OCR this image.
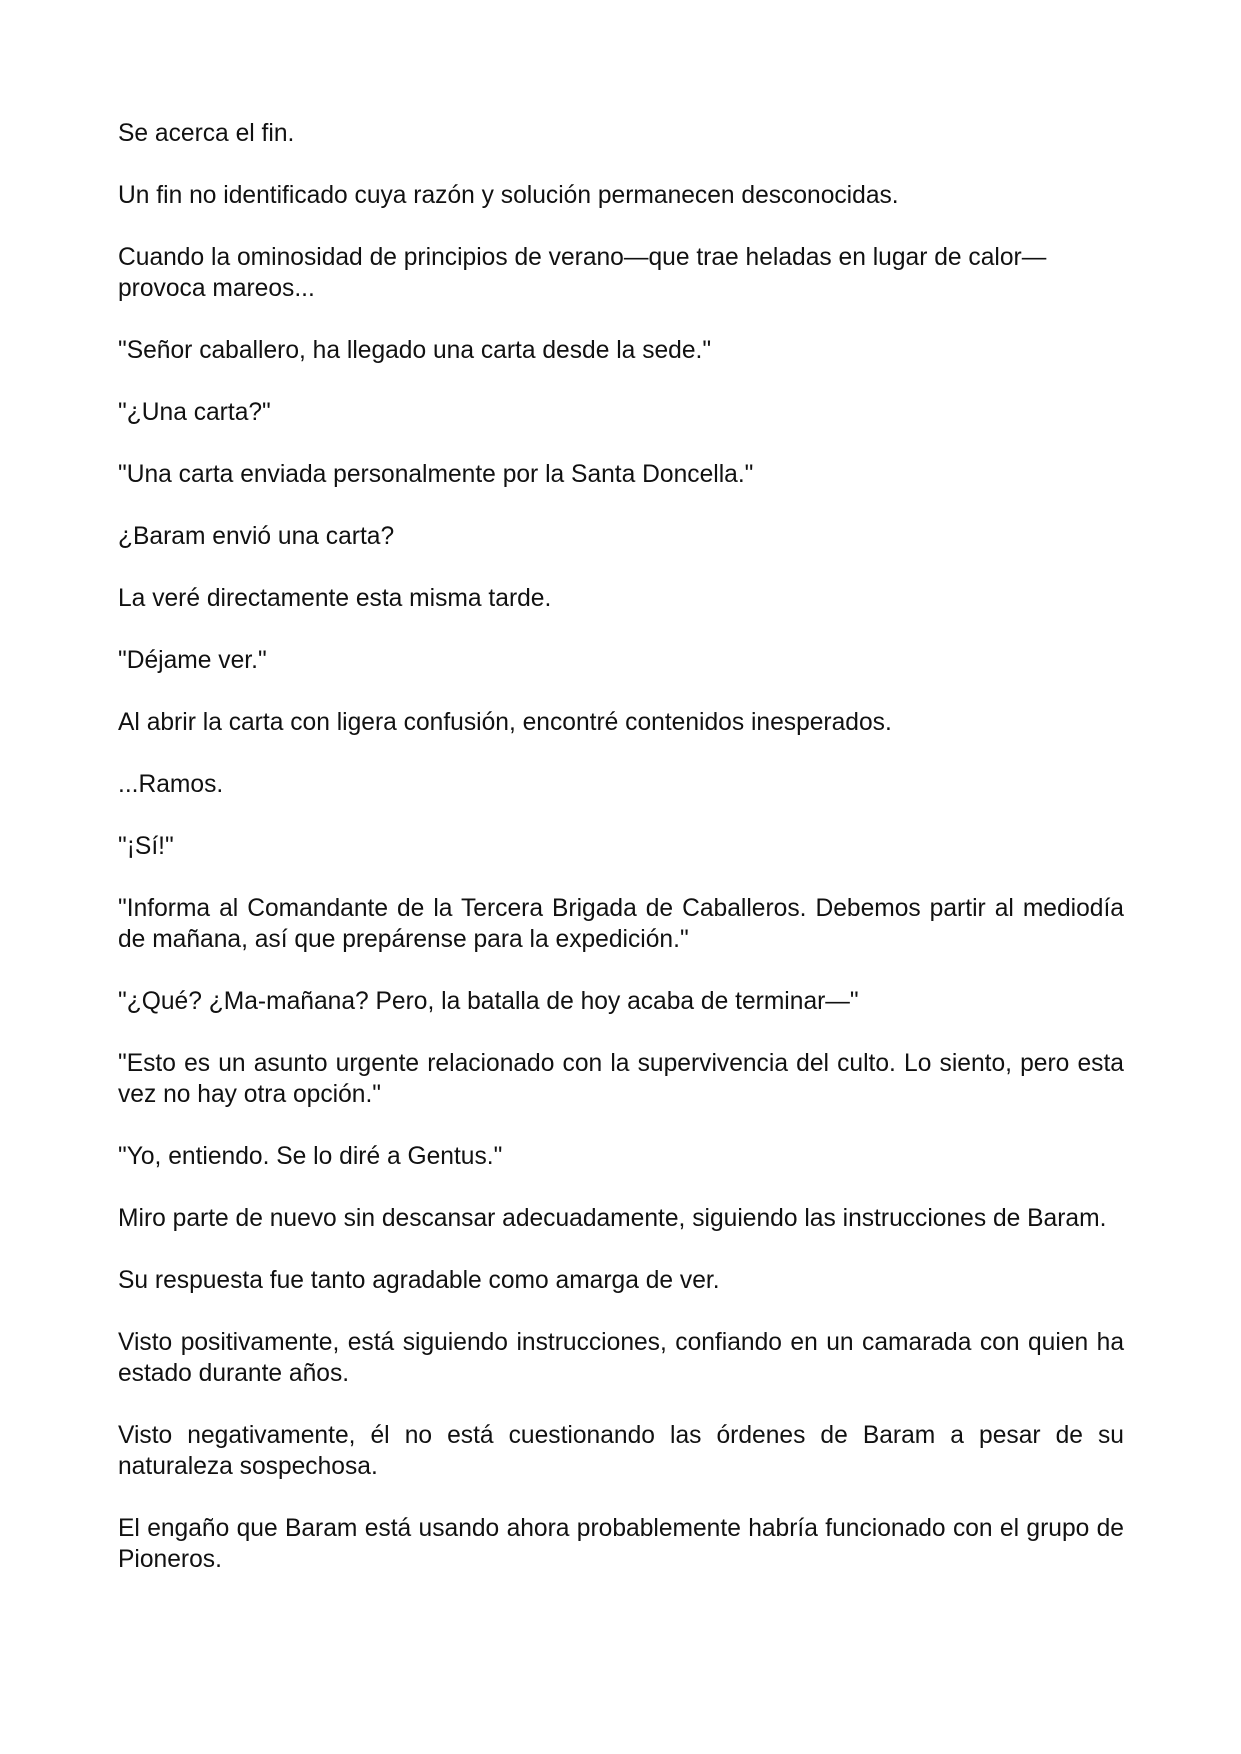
Se acerca el fin.

Un fin no identificado cuya razón y solución permanecen desconocidas.

Cuando la ominosidad de principios de verano—que trae heladas en lugar de calor—provoca mareos...

"Señor caballero, ha llegado una carta desde la sede."

"¿Una carta?"

"Una carta enviada personalmente por la Santa Doncella."

¿Baram envió una carta?

La veré directamente esta misma tarde.

"Déjame ver."

Al abrir la carta con ligera confusión, encontré contenidos inesperados.

...Ramos.

"¡Sí!"

"Informa al Comandante de la Tercera Brigada de Caballeros. Debemos partir al mediodía de mañana, así que prepárense para la expedición."

"¿Qué? ¿Ma-mañana? Pero, la batalla de hoy acaba de terminar—"

"Esto es un asunto urgente relacionado con la supervivencia del culto. Lo siento, pero esta vez no hay otra opción."

"Yo, entiendo. Se lo diré a Gentus."

Miro parte de nuevo sin descansar adecuadamente, siguiendo las instrucciones de Baram.

Su respuesta fue tanto agradable como amarga de ver.

Visto positivamente, está siguiendo instrucciones, confiando en un camarada con quien ha estado durante años.

Visto negativamente, él no está cuestionando las órdenes de Baram a pesar de su naturaleza sospechosa.

El engaño que Baram está usando ahora probablemente habría funcionado con el grupo de Pioneros.
